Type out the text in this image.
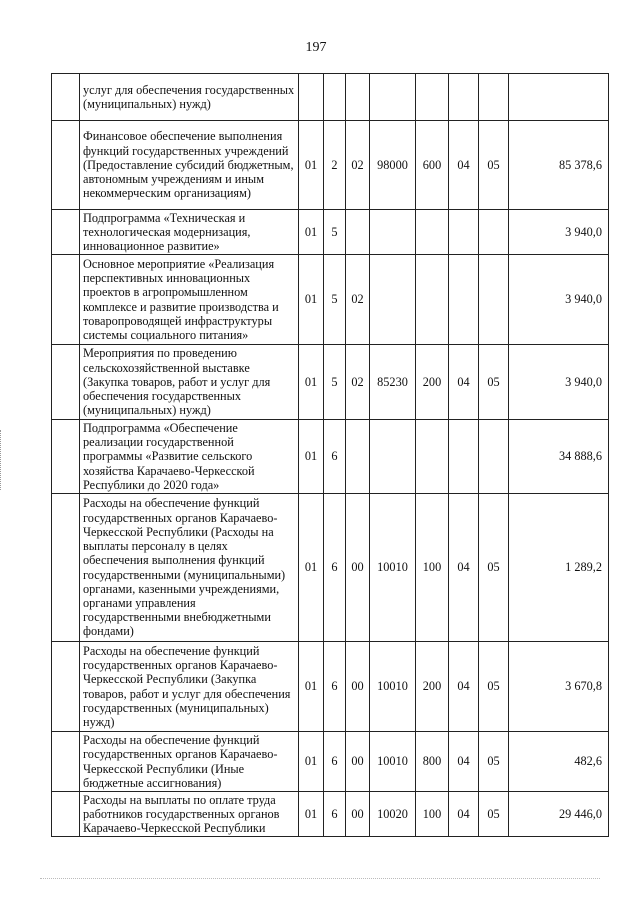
197
	услуг для обеспечения государственных (муниципальных) нужд)								
	Финансовое обеспечение выполнения функций государственных учреждений (Предоставление субсидий бюджетным, автономным учреждениям и иным некоммерческим организациям)	01	2	02	98000	600	04	05	85 378,6
	Подпрограмма «Техническая и технологическая модернизация, инновационное развитие»	01	5						3 940,0
	Основное мероприятие «Реализация перспективных инновационных проектов в агропромышленном комплексе и развитие производства и товаропроводящей инфраструктуры системы социального питания»	01	5	02					3 940,0
	Мероприятия по проведению сельскохозяйственной выставке (Закупка товаров, работ и услуг для обеспечения государственных (муниципальных) нужд)	01	5	02	85230	200	04	05	3 940,0
	Подпрограмма «Обеспечение реализации государственной программы «Развитие сельского хозяйства Карачаево-Черкесской Республики до 2020 года»	01	6						34 888,6
	Расходы на обеспечение функций государственных органов Карачаево-Черкесской Республики (Расходы на выплаты персоналу в целях обеспечения выполнения функций государственными (муниципальными) органами, казенными учреждениями, органами управления государственными внебюджетными фондами)	01	6	00	10010	100	04	05	1 289,2
	Расходы на обеспечение функций государственных органов Карачаево-Черкесской Республики (Закупка товаров, работ и услуг для обеспечения государственных (муниципальных) нужд)	01	6	00	10010	200	04	05	3 670,8
	Расходы на обеспечение функций государственных органов Карачаево-Черкесской Республики (Иные бюджетные ассигнования)	01	6	00	10010	800	04	05	482,6
	Расходы на выплаты по оплате труда работников государственных органов Карачаево-Черкесской Республики	01	6	00	10020	100	04	05	29 446,0
